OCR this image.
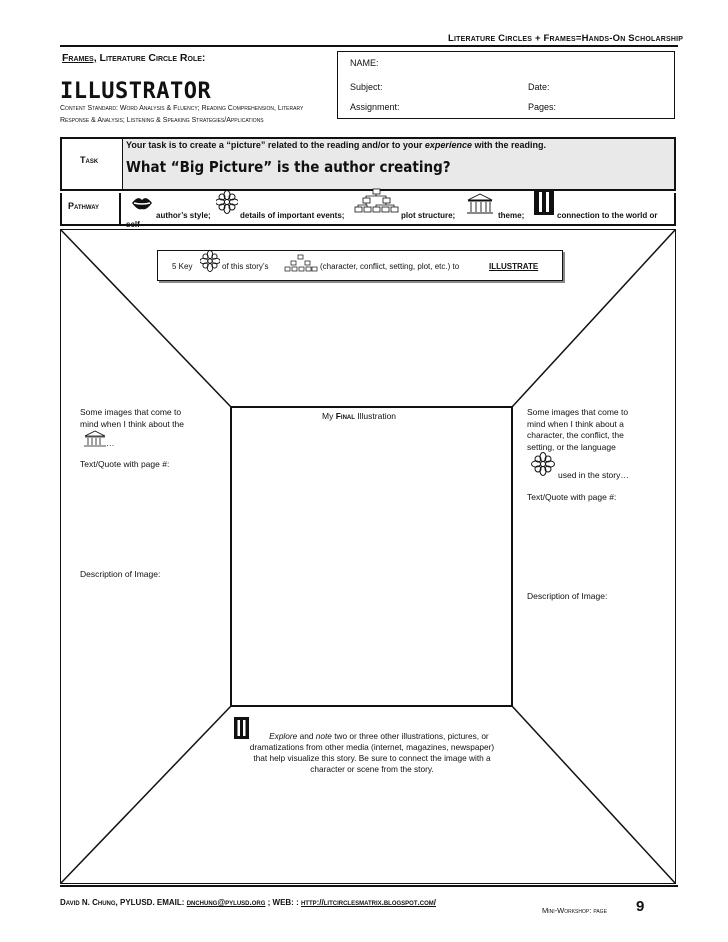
Literature Circles + Frames=Hands-On Scholarship
Frames, Literature Circle Role:
ILLUSTRATOR
Content Standard: Word Analysis & Fluency; Reading Comprehension, Literary Response & Analysis; Listening & Speaking Strategies/Applications
NAME:
Subject:	Date:
Assignment:	Pages:
Task
Your task is to create a “picture” related to the reading and/or to your experience with the reading.
What “Big Picture” is the author creating?
Pathway
author’s style;	details of important events;	plot structure;	theme;	connection to the world or
self
5 Key	of this story’s	(character, conflict, setting, plot, etc.) to	ILLUSTRATE
Some images that come to
mind when I think about the
…
Text/Quote with page #:
Description of Image:
My Final Illustration	Some images that come to
mind when I think about a
character, the conflict, the
setting, or the language
used in the story…
Text/Quote with page #:
Description of Image:
Explore and note two or three other illustrations, pictures, or
dramatizations from other media (internet, magazines, newspaper)
that help visualize this story. Be sure to connect the image with a
character or scene from the story.
David N. Chung, PYLUSD. EMAIL: dnchung@pylusd.org ; WEB: : http://litcirclesmatrix.blogspot.com/
Mini-Workshop: page 9
